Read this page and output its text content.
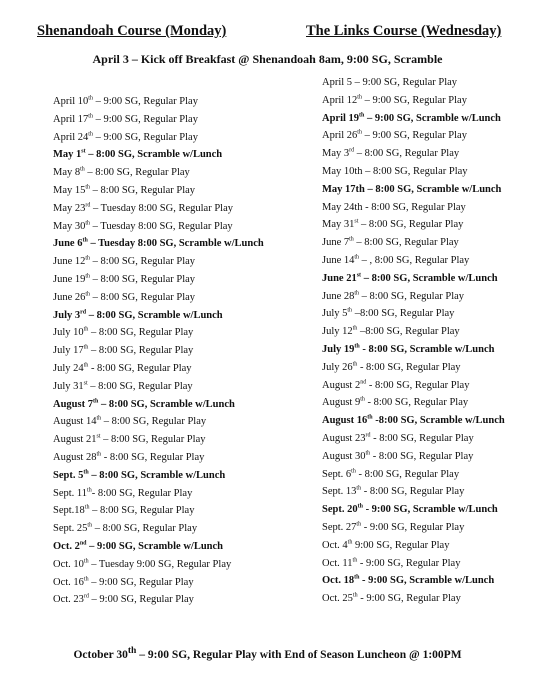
Shenandoah Course (Monday)	The Links Course (Wednesday)
April 3 – Kick off Breakfast @ Shenandoah 8am, 9:00 SG, Scramble
April 10th – 9:00 SG, Regular Play
April 17th – 9:00 SG, Regular Play
April 24th – 9:00 SG, Regular Play
May 1st – 8:00 SG, Scramble w/Lunch
May 8th – 8:00 SG, Regular Play
May 15th – 8:00 SG, Regular Play
May 23rd – Tuesday 8:00 SG, Regular Play
May 30th – Tuesday 8:00 SG, Regular Play
June 6th – Tuesday 8:00 SG, Scramble w/Lunch
June 12th – 8:00 SG, Regular Play
June 19th – 8:00 SG, Regular Play
June 26th – 8:00 SG, Regular Play
July 3rd – 8:00 SG, Scramble w/Lunch
July 10th – 8:00 SG, Regular Play
July 17th – 8:00 SG, Regular Play
July 24th - 8:00 SG, Regular Play
July 31st – 8:00 SG, Regular Play
August 7th – 8:00 SG, Scramble w/Lunch
August 14th – 8:00 SG, Regular Play
August 21st – 8:00 SG, Regular Play
August 28th - 8:00 SG, Regular Play
Sept. 5th – 8:00 SG, Scramble w/Lunch
Sept. 11th- 8:00 SG, Regular Play
Sept.18th – 8:00 SG, Regular Play
Sept. 25th – 8:00 SG, Regular Play
Oct. 2nd – 9:00 SG, Scramble w/Lunch
Oct. 10th – Tuesday 9:00 SG, Regular Play
Oct. 16th – 9:00 SG, Regular Play
Oct. 23rd – 9:00 SG, Regular Play
April 5 – 9:00 SG, Regular Play
April 12th – 9:00 SG, Regular Play
April 19th – 9:00 SG, Scramble w/Lunch
April 26th – 9:00 SG, Regular Play
May 3rd – 8:00 SG, Regular Play
May 10th – 8:00 SG, Regular Play
May 17th – 8:00 SG, Scramble w/Lunch
May 24th - 8:00 SG, Regular Play
May 31st – 8:00 SG, Regular Play
June 7th – 8:00 SG, Regular Play
June 14th – , 8:00 SG, Regular Play
June 21st – 8:00 SG, Scramble w/Lunch
June 28th – 8:00 SG, Regular Play
July 5th –8:00 SG, Regular Play
July 12th –8:00 SG, Regular Play
July 19th - 8:00 SG, Scramble w/Lunch
July 26th - 8:00 SG, Regular Play
August 2nd - 8:00 SG, Regular Play
August 9th - 8:00 SG, Regular Play
August 16th -8:00 SG, Scramble w/Lunch
August 23rd - 8:00 SG, Regular Play
August 30th - 8:00 SG, Regular Play
Sept. 6th - 8:00 SG, Regular Play
Sept. 13th - 8:00 SG, Regular Play
Sept. 20th - 9:00 SG, Scramble w/Lunch
Sept. 27th - 9:00 SG, Regular Play
Oct. 4th 9:00 SG, Regular Play
Oct. 11th - 9:00 SG, Regular Play
Oct. 18th - 9:00 SG, Scramble w/Lunch
Oct. 25th - 9:00 SG, Regular Play
October 30th – 9:00 SG, Regular Play with End of Season Luncheon @ 1:00PM
